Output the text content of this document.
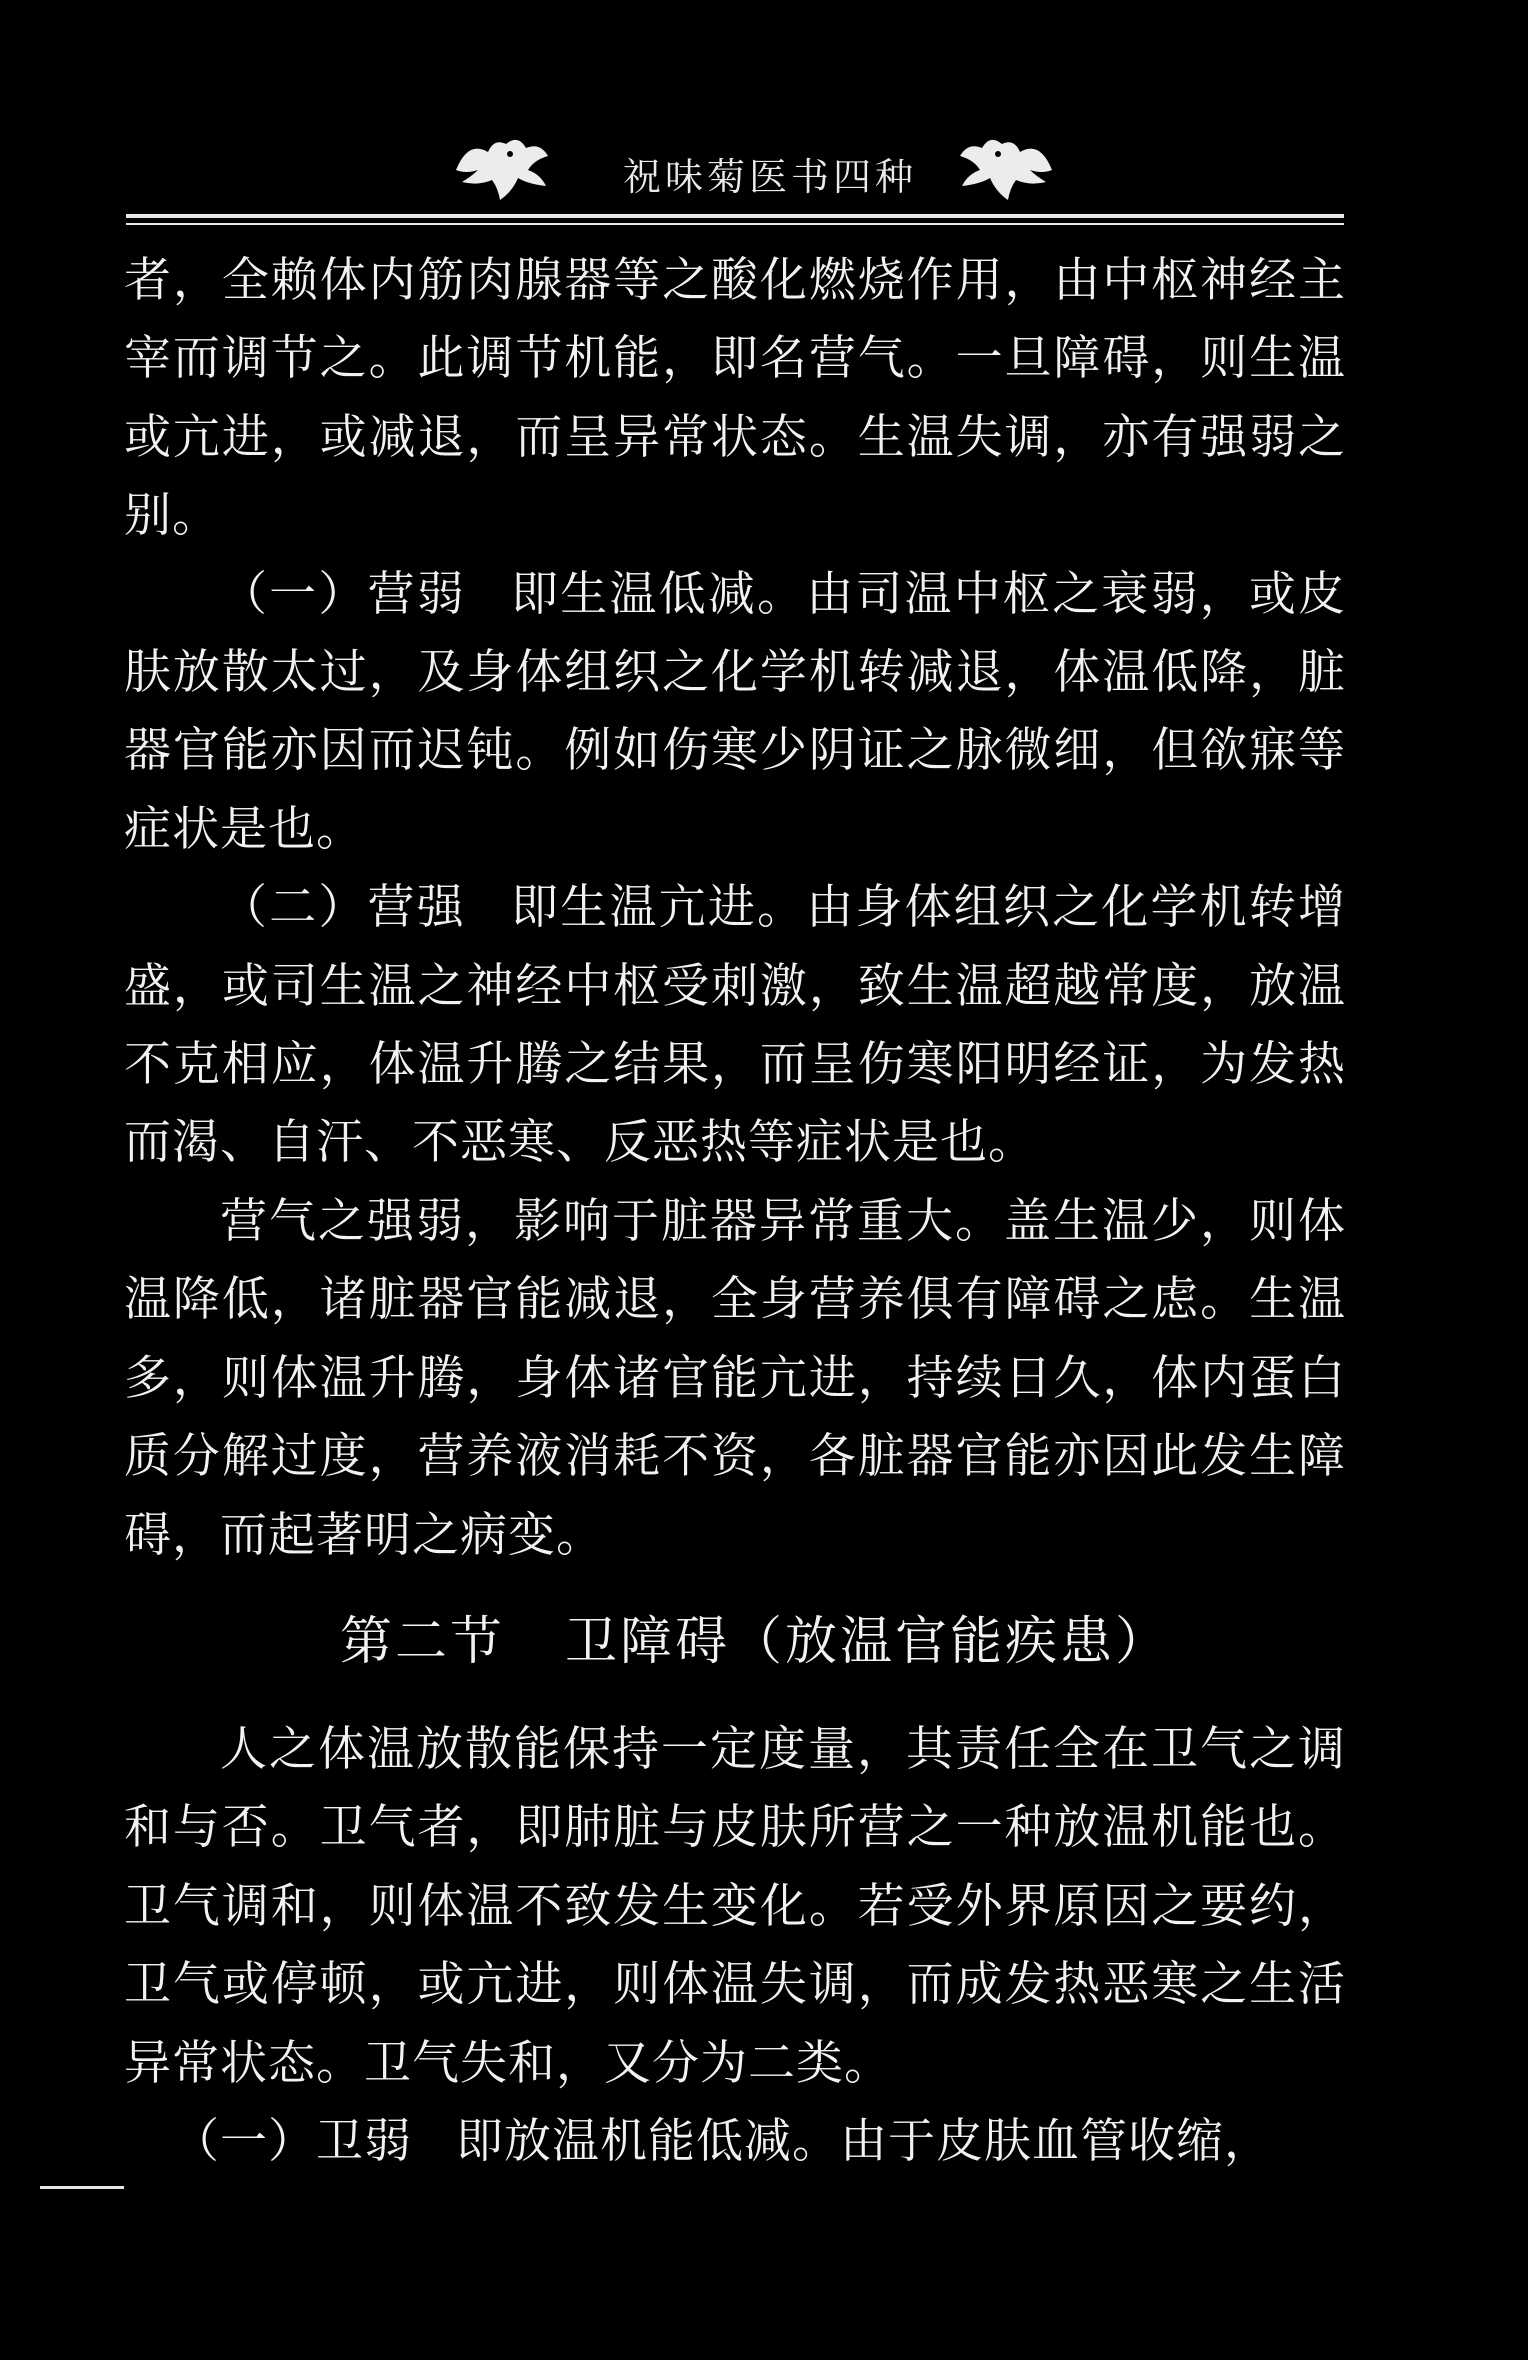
祝味菊医书四种

者，全赖体内筋肉腺器等之酸化燃烧作用，由中枢神经主宰而调节之。此调节机能，即名营气。一旦障碍，则生温或亢进，或减退，而呈异常状态。生温失调，亦有强弱之别。

（一）营弱 即生温低减。由司温中枢之衰弱，或皮肤放散太过，及身体组织之化学机转减退，体温低降，脏器官能亦因而迟钝。例如伤寒少阴证之脉微细，但欲寐等症状是也。

（二）营强 即生温亢进。由身体组织之化学机转增盛，或司生温之神经中枢受刺激，致生温超越常度，放温不克相应，体温升腾之结果，而呈伤寒阳明经证，为发热而渴、自汗、不恶寒、反恶热等症状是也。

营气之强弱，影响于脏器异常重大。盖生温少，则体温降低，诸脏器官能减退，全身营养俱有障碍之虑。生温多，则体温升腾，身体诸官能亢进，持续日久，体内蛋白质分解过度，营养液消耗不资，各脏器官能亦因此发生障碍，而起著明之病变。

第二节 卫障碍（放温官能疾患）

人之体温放散能保持一定度量，其责任全在卫气之调和与否。卫气者，即肺脏与皮肤所营之一种放温机能也。卫气调和，则体温不致发生变化。若受外界原因之要约，卫气或停顿，或亢进，则体温失调，而成发热恶寒之生活异常状态。卫气失和，又分为二类。

（一）卫弱 即放温机能低减。由于皮肤血管收缩，
